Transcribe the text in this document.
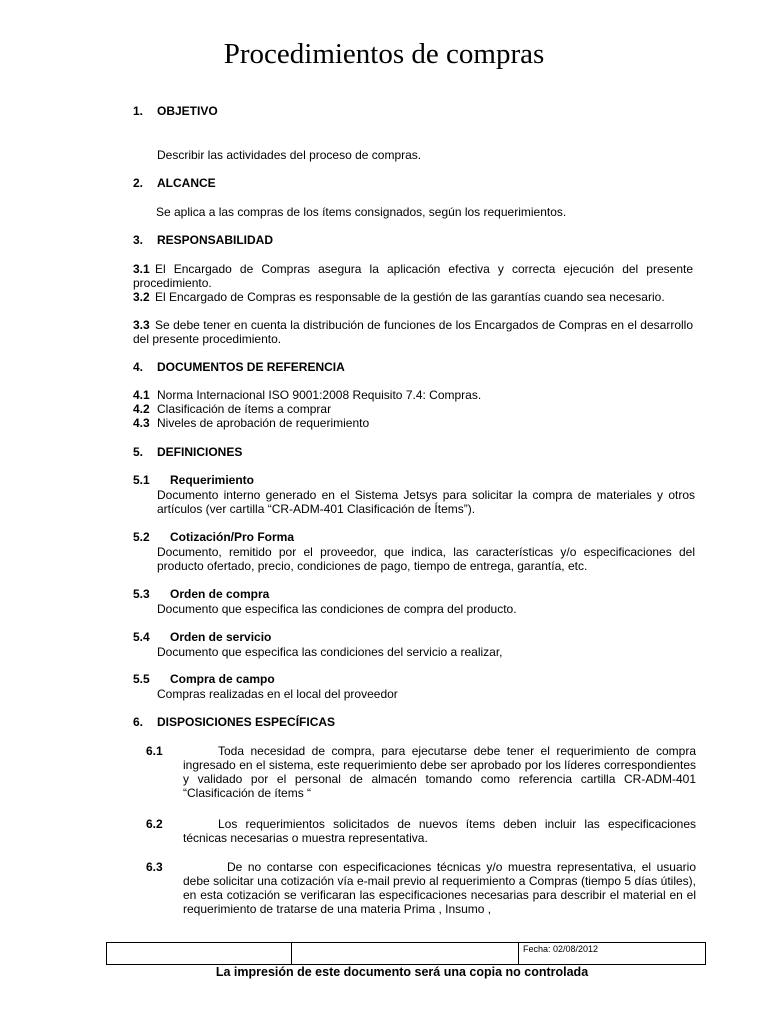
Procedimientos de compras
1. OBJETIVO
Describir las actividades del proceso de compras.
2. ALCANCE
Se aplica a las compras de los ítems consignados, según los requerimientos.
3. RESPONSABILIDAD
3.1 El Encargado de Compras asegura la aplicación efectiva y correcta ejecución del presente procedimiento.
3.2 El Encargado de Compras es responsable de la gestión de las garantías cuando sea necesario.
3.3 Se debe tener en cuenta la distribución de funciones de los Encargados de Compras en el desarrollo del presente procedimiento.
4. DOCUMENTOS DE REFERENCIA
4.1 Norma Internacional ISO 9001:2008 Requisito 7.4: Compras.
4.2 Clasificación de ítems a comprar
4.3 Niveles de aprobación de requerimiento
5. DEFINICIONES
5.1 Requerimiento
Documento interno generado en el Sistema Jetsys para solicitar la compra de materiales y otros artículos (ver cartilla “CR-ADM-401 Clasificación de Ítems”).
5.2 Cotización/Pro Forma
Documento, remitido por el proveedor, que indica, las características y/o especificaciones del producto ofertado, precio, condiciones de pago, tiempo de entrega, garantía, etc.
5.3 Orden de compra
Documento que especifica las condiciones de compra del producto.
5.4 Orden de servicio
Documento que especifica las condiciones del servicio a realizar,
5.5 Compra de campo
Compras realizadas en el local del proveedor
6. DISPOSICIONES ESPECÍFICAS
6.1	Toda necesidad de compra, para ejecutarse debe tener el requerimiento de compra ingresado en el sistema, este requerimiento debe ser aprobado por los líderes correspondientes y validado por el personal de almacén tomando como referencia cartilla CR-ADM-401 “Clasificación de ítems “
6.2	Los requerimientos solicitados de nuevos ítems deben incluir las especificaciones técnicas necesarias o muestra representativa.
6.3	De no contarse con especificaciones técnicas y/o muestra representativa, el usuario debe solicitar una cotización vía e-mail previo al requerimiento a Compras (tiempo 5 días útiles), en esta cotización se verificaran las especificaciones necesarias para describir el material en el requerimiento de tratarse de una materia Prima , Insumo ,
		Fecha: 02/08/2012
La impresión de este documento será una copia no controlada
